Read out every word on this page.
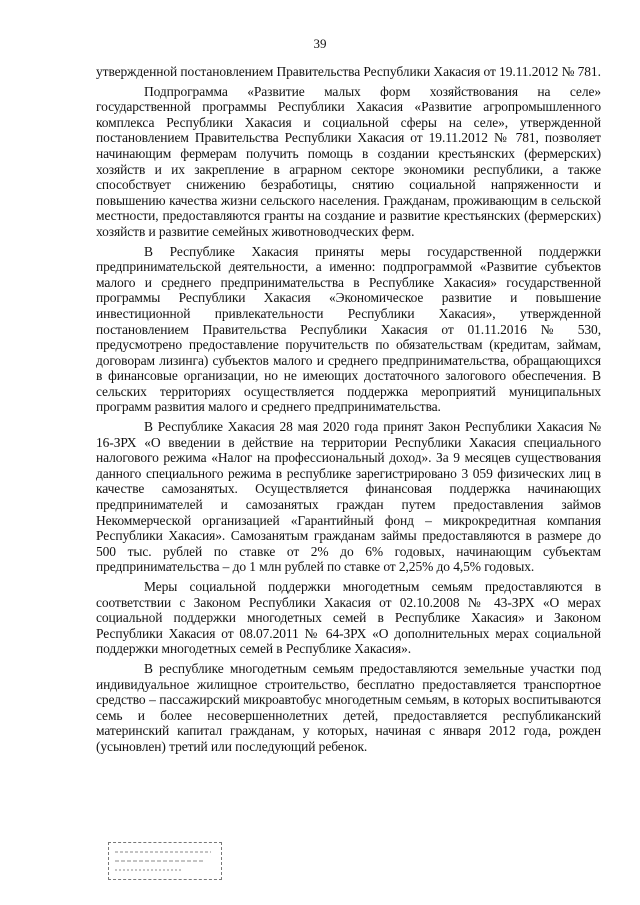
39

утвержденной постановлением Правительства Республики Хакасия от 19.11.2012 № 781.

Подпрограмма «Развитие малых форм хозяйствования на селе» государственной программы Республики Хакасия «Развитие агропромышленного комплекса Республики Хакасия и социальной сферы на селе», утвержденной постановлением Правительства Республики Хакасия от 19.11.2012 № 781, позволяет начинающим фермерам получить помощь в создании крестьянских (фермерских) хозяйств и их закрепление в аграрном секторе экономики республики, а также способствует снижению безработицы, снятию социальной напряженности и повышению качества жизни сельского населения. Гражданам, проживающим в сельской местности, предоставляются гранты на создание и развитие крестьянских (фермерских) хозяйств и развитие семейных животноводческих ферм.

В Республике Хакасия приняты меры государственной поддержки предпринимательской деятельности, а именно: подпрограммой «Развитие субъектов малого и среднего предпринимательства в Республике Хакасия» государственной программы Республики Хакасия «Экономическое развитие и повышение инвестиционной привлекательности Республики Хакасия», утвержденной постановлением Правительства Республики Хакасия от 01.11.2016 № 530, предусмотрено предоставление поручительств по обязательствам (кредитам, займам, договорам лизинга) субъектов малого и среднего предпринимательства, обращающихся в финансовые организации, но не имеющих достаточного залогового обеспечения. В сельских территориях осуществляется поддержка мероприятий муниципальных программ развития малого и среднего предпринимательства.

В Республике Хакасия 28 мая 2020 года принят Закон Республики Хакасия № 16-ЗРХ «О введении в действие на территории Республики Хакасия специального налогового режима «Налог на профессиональный доход». За 9 месяцев существования данного специального режима в республике зарегистрировано 3 059 физических лиц в качестве самозанятых. Осуществляется финансовая поддержка начинающих предпринимателей и самозанятых граждан путем предоставления займов Некоммерческой организацией «Гарантийный фонд – микрокредитная компания Республики Хакасия». Самозанятым гражданам займы предоставляются в размере до 500 тыс. рублей по ставке от 2% до 6% годовых, начинающим субъектам предпринимательства – до 1 млн рублей по ставке от 2,25% до 4,5% годовых.

Меры социальной поддержки многодетным семьям предоставляются в соответствии с Законом Республики Хакасия от 02.10.2008 № 43-ЗРХ «О мерах социальной поддержки многодетных семей в Республике Хакасия» и Законом Республики Хакасия от 08.07.2011 № 64-ЗРХ «О дополнительных мерах социальной поддержки многодетных семей в Республике Хакасия».

В республике многодетным семьям предоставляются земельные участки под индивидуальное жилищное строительство, бесплатно предоставляется транспортное средство – пассажирский микроавтобус многодетным семьям, в которых воспитываются семь и более несовершеннолетних детей, предоставляется республиканский материнский капитал гражданам, у которых, начиная с января 2012 года, рожден (усыновлен) третий или последующий ребенок.
